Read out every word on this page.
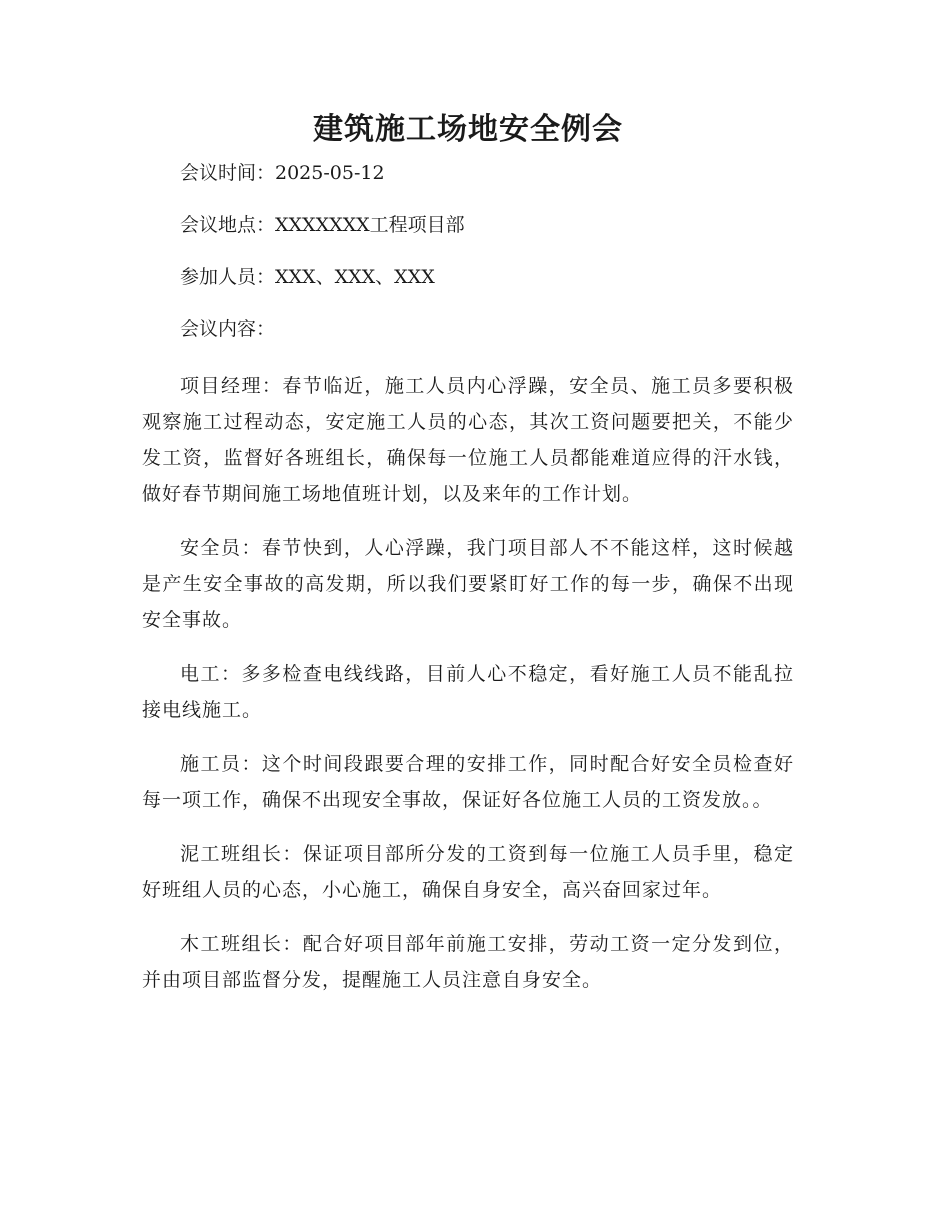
建筑施工场地安全例会

会议时间：2025-05-12

会议地点：XXXXXXX工程项目部

参加人员：XXX、XXX、XXX

会议内容：

项目经理：春节临近，施工人员内心浮躁，安全员、施工员多要积极观察施工过程动态，安定施工人员的心态，其次工资问题要把关，不能少发工资，监督好各班组长，确保每一位施工人员都能难道应得的汗水钱，做好春节期间施工场地值班计划，以及来年的工作计划。

安全员：春节快到，人心浮躁，我门项目部人不不能这样，这时候越是产生安全事故的高发期，所以我们要紧盯好工作的每一步，确保不出现安全事故。

电工：多多检查电线线路，目前人心不稳定，看好施工人员不能乱拉接电线施工。

施工员：这个时间段跟要合理的安排工作，同时配合好安全员检查好每一项工作，确保不出现安全事故，保证好各位施工人员的工资发放。。

泥工班组长：保证项目部所分发的工资到每一位施工人员手里，稳定好班组人员的心态，小心施工，确保自身安全，高兴奋回家过年。

木工班组长：配合好项目部年前施工安排，劳动工资一定分发到位，并由项目部监督分发，提醒施工人员注意自身安全。
